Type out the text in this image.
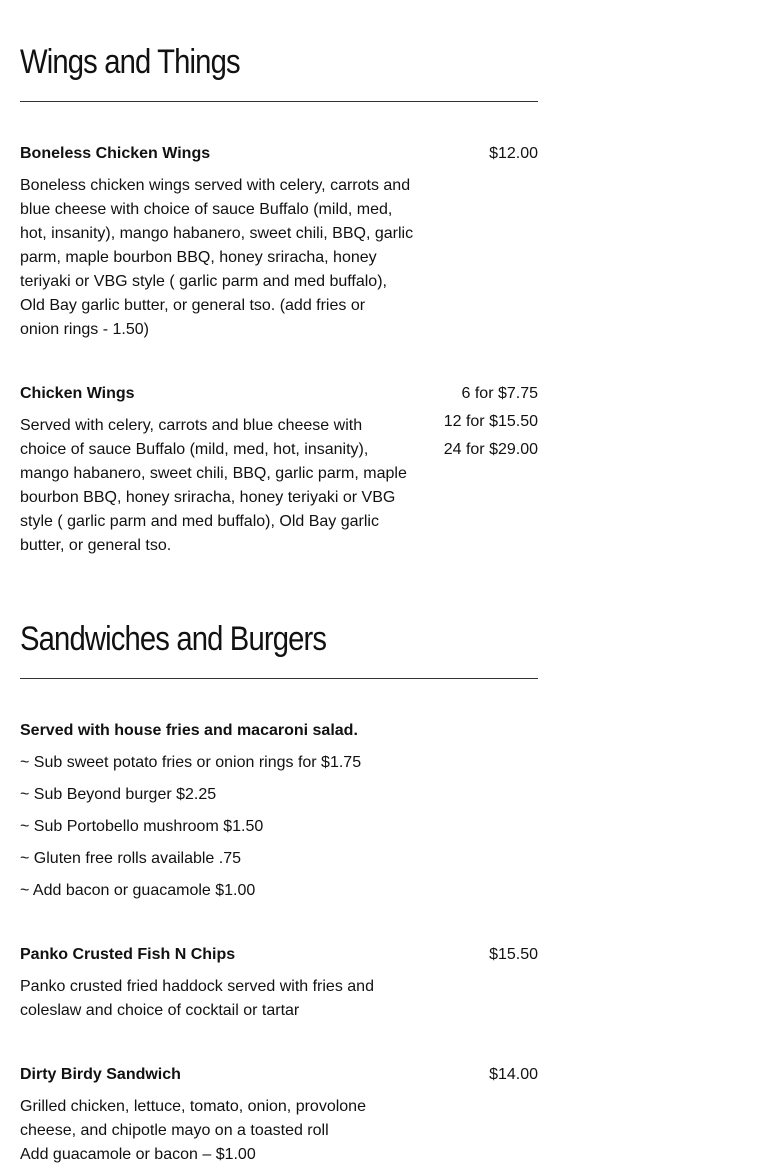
Wings and Things
Boneless Chicken Wings
Boneless chicken wings served with celery, carrots and
blue cheese with choice of sauce Buffalo (mild, med,
hot, insanity), mango habanero, sweet chili, BBQ, garlic
parm, maple bourbon BBQ, honey sriracha, honey
teriyaki or VBG style ( garlic parm and med buffalo),
Old Bay garlic butter, or general tso. (add fries or
onion rings - 1.50)
$12.00
Chicken Wings
Served with celery, carrots and blue cheese with
choice of sauce Buffalo (mild, med, hot, insanity),
mango habanero, sweet chili, BBQ, garlic parm, maple
bourbon BBQ, honey sriracha, honey teriyaki or VBG
style ( garlic parm and med buffalo), Old Bay garlic
butter, or general tso.
6 for $7.75
12 for $15.50
24 for $29.00
Sandwiches and Burgers
Served with house fries and macaroni salad.
~ Sub sweet potato fries or onion rings for $1.75
~ Sub Beyond burger $2.25
~ Sub Portobello mushroom $1.50
~ Gluten free rolls available .75
~ Add bacon or guacamole $1.00
Panko Crusted Fish N Chips
Panko crusted fried haddock served with fries and
coleslaw and choice of cocktail or tartar
$15.50
Dirty Birdy Sandwich
Grilled chicken, lettuce, tomato, onion, provolone
cheese, and chipotle mayo on a toasted roll
Add guacamole or bacon – $1.00
$14.00
